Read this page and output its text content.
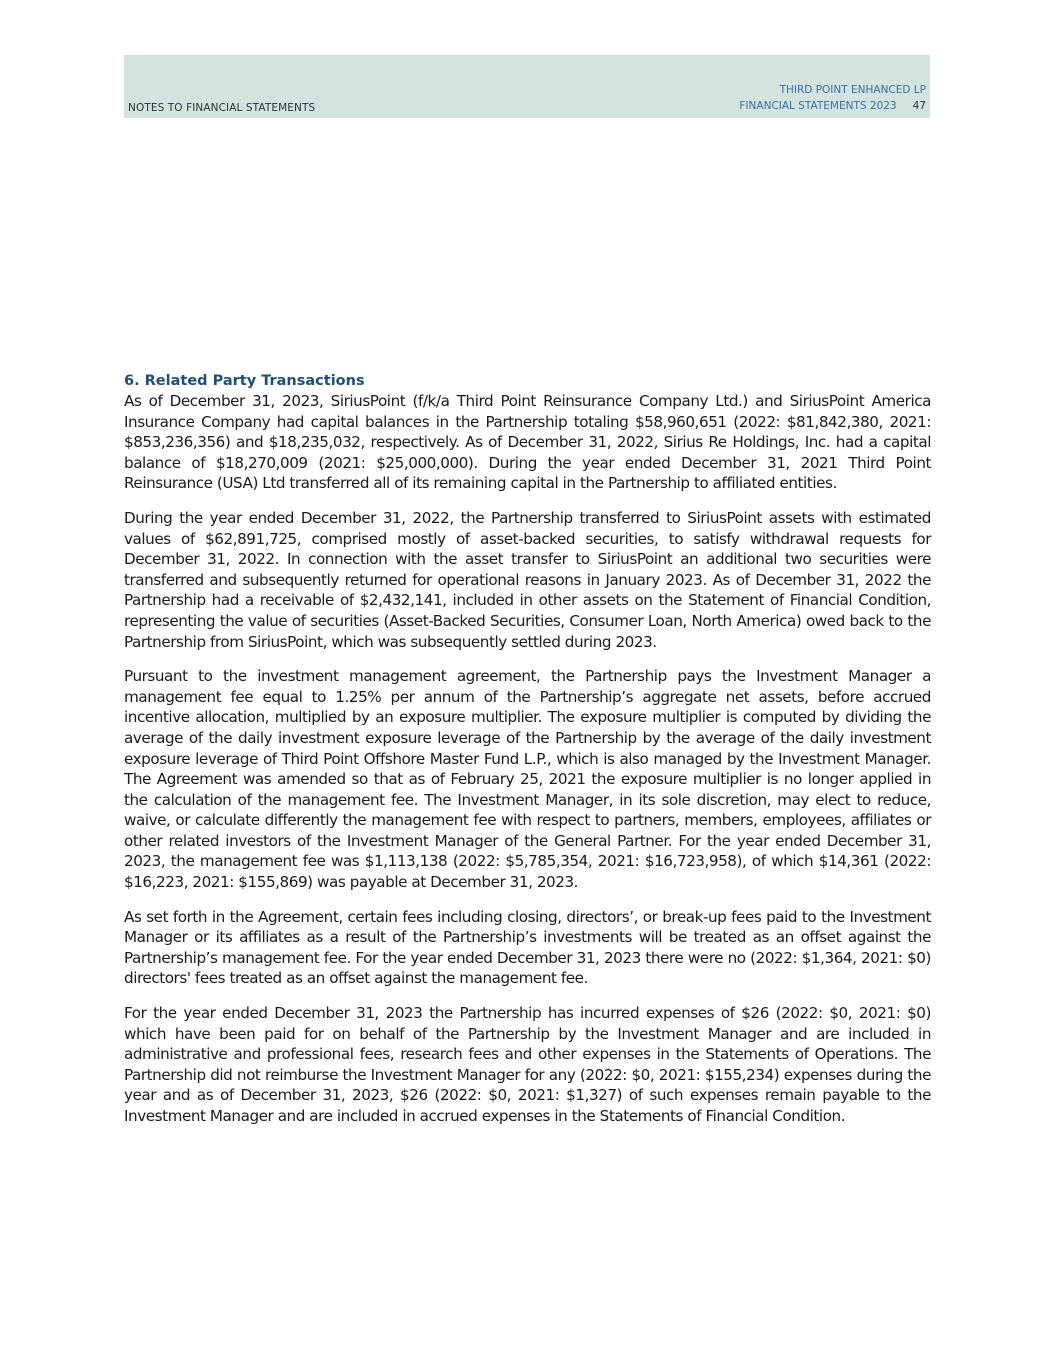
NOTES TO FINANCIAL STATEMENTS
THIRD POINT ENHANCED LP
FINANCIAL STATEMENTS 2023 47
6. Related Party Transactions

As of December 31, 2023, SiriusPoint (f/k/a Third Point Reinsurance Company Ltd.) and SiriusPoint America Insurance Company had capital balances in the Partnership totaling $58,960,651 (2022: $81,842,380, 2021: $853,236,356) and $18,235,032, respectively. As of December 31, 2022, Sirius Re Holdings, Inc. had a capital balance of $18,270,009 (2021: $25,000,000). During the year ended December 31, 2021 Third Point Reinsurance (USA) Ltd transferred all of its remaining capital in the Partnership to affiliated entities.

During the year ended December 31, 2022, the Partnership transferred to SiriusPoint assets with estimated values of $62,891,725, comprised mostly of asset-backed securities, to satisfy withdrawal requests for December 31, 2022. In connection with the asset transfer to SiriusPoint an additional two securities were transferred and subsequently returned for operational reasons in January 2023. As of December 31, 2022 the Partnership had a receivable of $2,432,141, included in other assets on the Statement of Financial Condition, representing the value of securities (Asset-Backed Securities, Consumer Loan, North America) owed back to the Partnership from SiriusPoint, which was subsequently settled during 2023.

Pursuant to the investment management agreement, the Partnership pays the Investment Manager a management fee equal to 1.25% per annum of the Partnership’s aggregate net assets, before accrued incentive allocation, multiplied by an exposure multiplier. The exposure multiplier is computed by dividing the average of the daily investment exposure leverage of the Partnership by the average of the daily investment exposure leverage of Third Point Offshore Master Fund L.P., which is also managed by the Investment Manager. The Agreement was amended so that as of February 25, 2021 the exposure multiplier is no longer applied in the calculation of the management fee. The Investment Manager, in its sole discretion, may elect to reduce, waive, or calculate differently the management fee with respect to partners, members, employees, affiliates or other related investors of the Investment Manager of the General Partner. For the year ended December 31, 2023, the management fee was $1,113,138 (2022: $5,785,354, 2021: $16,723,958), of which $14,361 (2022: $16,223, 2021: $155,869) was payable at December 31, 2023.

As set forth in the Agreement, certain fees including closing, directors’, or break-up fees paid to the Investment Manager or its affiliates as a result of the Partnership’s investments will be treated as an offset against the Partnership’s management fee. For the year ended December 31, 2023 there were no (2022: $1,364, 2021: $0) directors' fees treated as an offset against the management fee.

For the year ended December 31, 2023 the Partnership has incurred expenses of $26 (2022: $0, 2021: $0) which have been paid for on behalf of the Partnership by the Investment Manager and are included in administrative and professional fees, research fees and other expenses in the Statements of Operations. The Partnership did not reimburse the Investment Manager for any (2022: $0, 2021: $155,234) expenses during the year and as of December 31, 2023, $26 (2022: $0, 2021: $1,327) of such expenses remain payable to the Investment Manager and are included in accrued expenses in the Statements of Financial Condition.
